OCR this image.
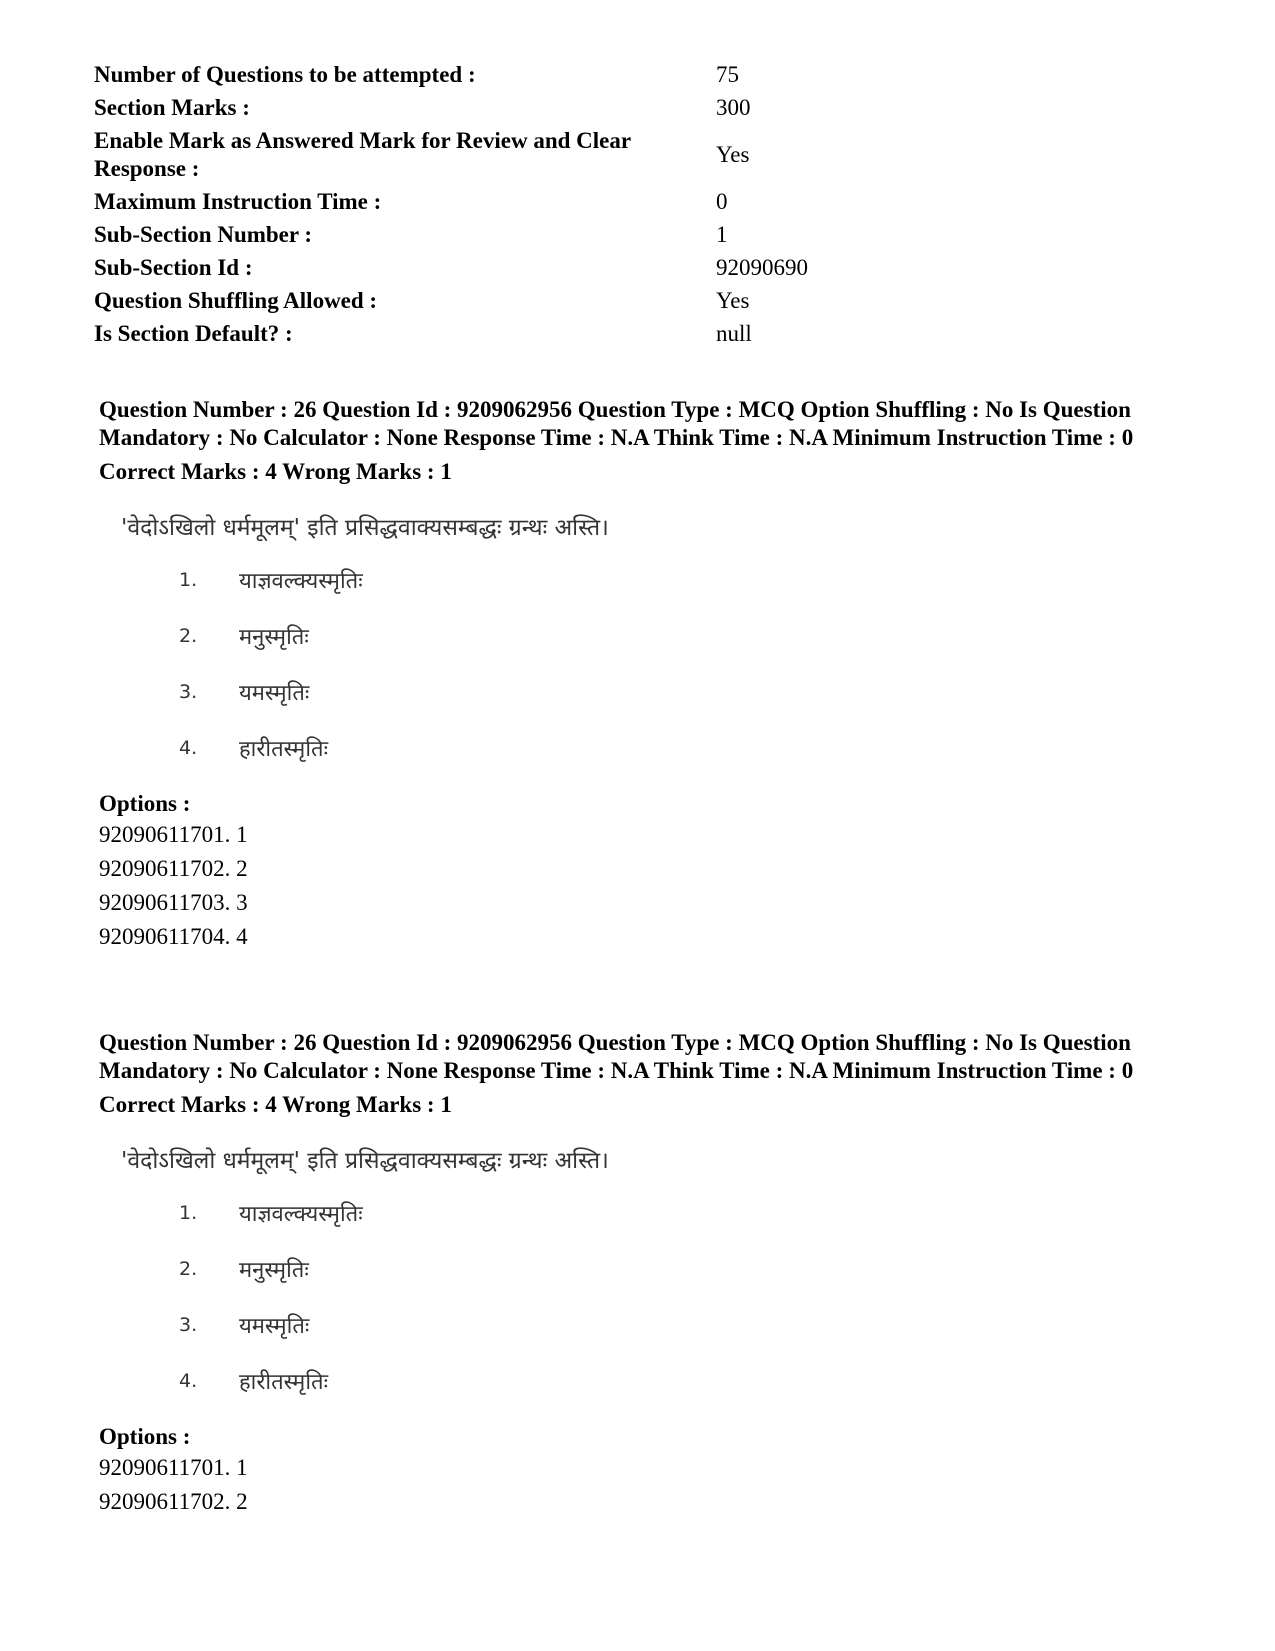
Number of Questions to be attempted :	75
Section Marks :	300
Enable Mark as Answered Mark for Review and Clear Response :	Yes
Maximum Instruction Time :	0
Sub-Section Number :	1
Sub-Section Id :	92090690
Question Shuffling Allowed :	Yes
Is Section Default? :	null
Question Number : 26 Question Id : 9209062956 Question Type : MCQ Option Shuffling : No Is Question Mandatory : No Calculator : None Response Time : N.A Think Time : N.A Minimum Instruction Time : 0
Correct Marks : 4 Wrong Marks : 1
'वेदोऽखिलो धर्ममूलम्' इति प्रसिद्धवाक्यसम्बद्धः ग्रन्थः अस्ति।
1.	याज्ञवल्क्यस्मृतिः
2.	मनुस्मृतिः
3.	यमस्मृतिः
4.	हारीतस्मृतिः
Options :
92090611701. 1
92090611702. 2
92090611703. 3
92090611704. 4
Question Number : 26 Question Id : 9209062956 Question Type : MCQ Option Shuffling : No Is Question Mandatory : No Calculator : None Response Time : N.A Think Time : N.A Minimum Instruction Time : 0
Correct Marks : 4 Wrong Marks : 1
'वेदोऽखिलो धर्ममूलम्' इति प्रसिद्धवाक्यसम्बद्धः ग्रन्थः अस्ति।
1.	याज्ञवल्क्यस्मृतिः
2.	मनुस्मृतिः
3.	यमस्मृतिः
4.	हारीतस्मृतिः
Options :
92090611701. 1
92090611702. 2
